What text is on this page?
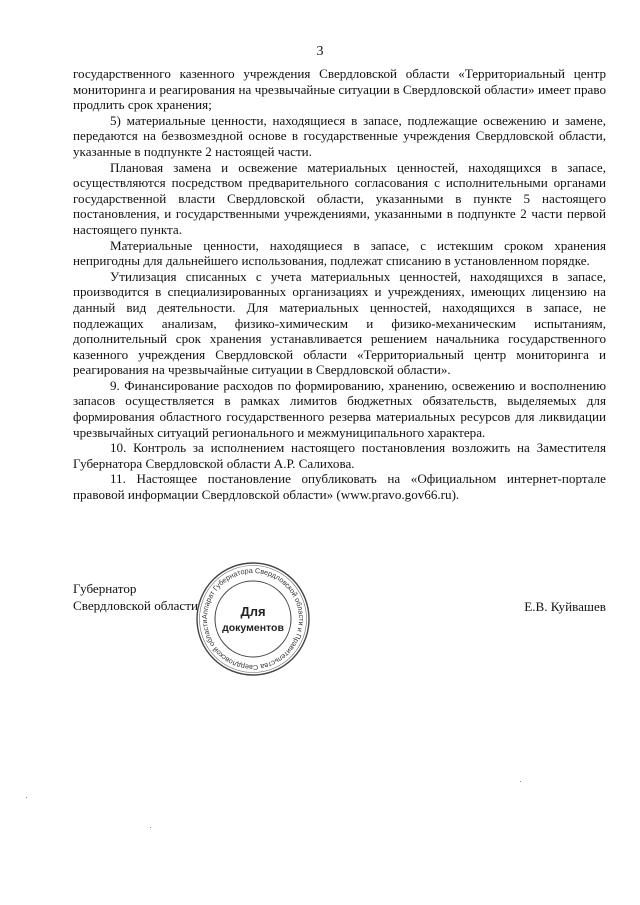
3

государственного казенного учреждения Свердловской области «Территориальный центр мониторинга и реагирования на чрезвычайные ситуации в Свердловской области» имеет право продлить срок хранения;

5) материальные ценности, находящиеся в запасе, подлежащие освежению и замене, передаются на безвозмездной основе в государственные учреждения Свердловской области, указанные в подпункте 2 настоящей части.

Плановая замена и освежение материальных ценностей, находящихся в запасе, осуществляются посредством предварительного согласования с исполнительными органами государственной власти Свердловской области, указанными в пункте 5 настоящего постановления, и государственными учреждениями, указанными в подпункте 2 части первой настоящего пункта.

Материальные ценности, находящиеся в запасе, с истекшим сроком хранения непригодны для дальнейшего использования, подлежат списанию в установленном порядке.

Утилизация списанных с учета материальных ценностей, находящихся в запасе, производится в специализированных организациях и учреждениях, имеющих лицензию на данный вид деятельности. Для материальных ценностей, находящихся в запасе, не подлежащих анализам, физико-химическим и физико-механическим испытаниям, дополнительный срок хранения устанавливается решением начальника государственного казенного учреждения Свердловской области «Территориальный центр мониторинга и реагирования на чрезвычайные ситуации в Свердловской области».

9. Финансирование расходов по формированию, хранению, освежению и восполнению запасов осуществляется в рамках лимитов бюджетных обязательств, выделяемых для формирования областного государственного резерва материальных ресурсов для ликвидации чрезвычайных ситуаций регионального и межмуниципального характера.

10. Контроль за исполнением настоящего постановления возложить на Заместителя Губернатора Свердловской области А.Р. Салихова.

11. Настоящее постановление опубликовать на «Официальном интернет-портале правовой информации Свердловской области» (www.pravo.gov66.ru).

Губернатор
Свердловской области	Е.В. Куйвашев
Аппарат Губернатора Свердловской области и Правительства Свердловской области
Для
документов
